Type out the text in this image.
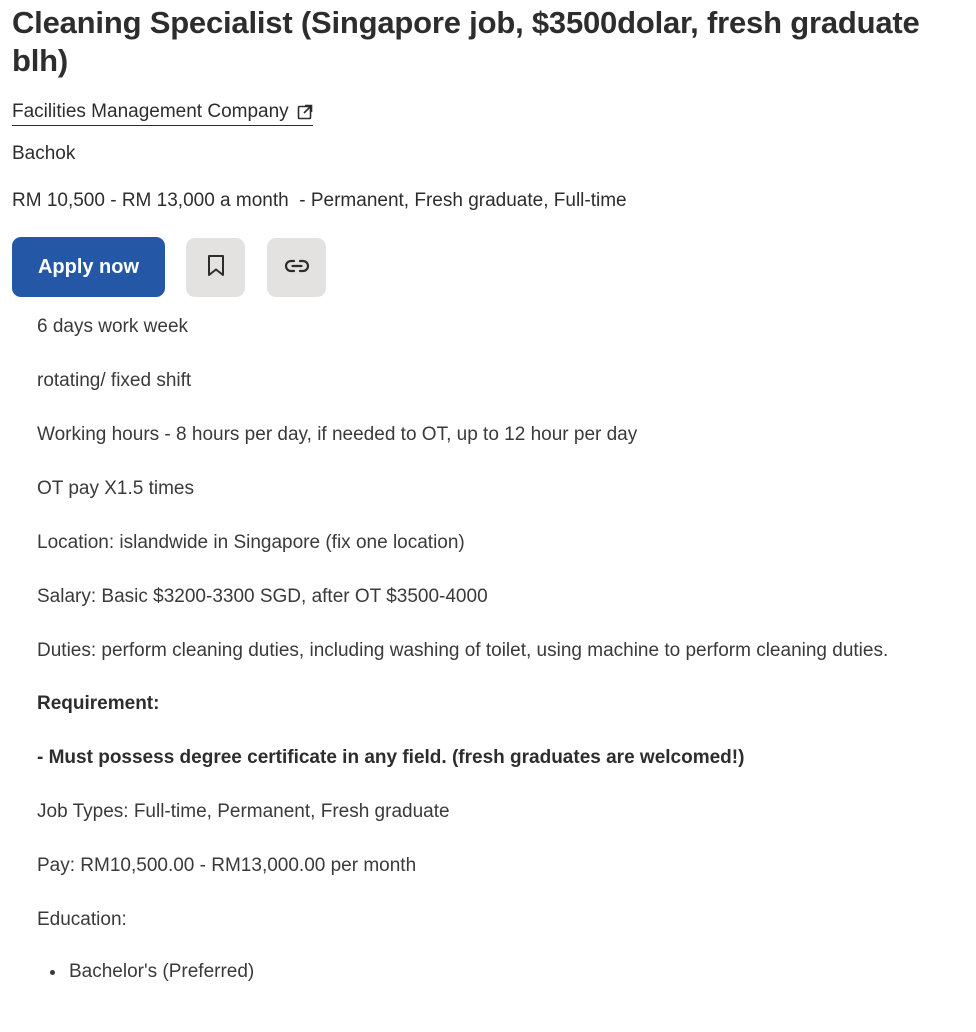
Cleaning Specialist (Singapore job, $3500dolar, fresh graduate blh)
Facilities Management Company
Bachok
RM 10,500 - RM 13,000 a month  - Permanent, Fresh graduate, Full-time
Apply now

6 days work week

rotating/ fixed shift

Working hours - 8 hours per day, if needed to OT, up to 12 hour per day

OT pay X1.5 times

Location: islandwide in Singapore (fix one location)

Salary: Basic $3200-3300 SGD, after OT $3500-4000

Duties: perform cleaning duties, including washing of toilet, using machine to perform cleaning duties.

Requirement:

- Must possess degree certificate in any field. (fresh graduates are welcomed!)

Job Types: Full-time, Permanent, Fresh graduate

Pay: RM10,500.00 - RM13,000.00 per month

Education:

• Bachelor's (Preferred)
